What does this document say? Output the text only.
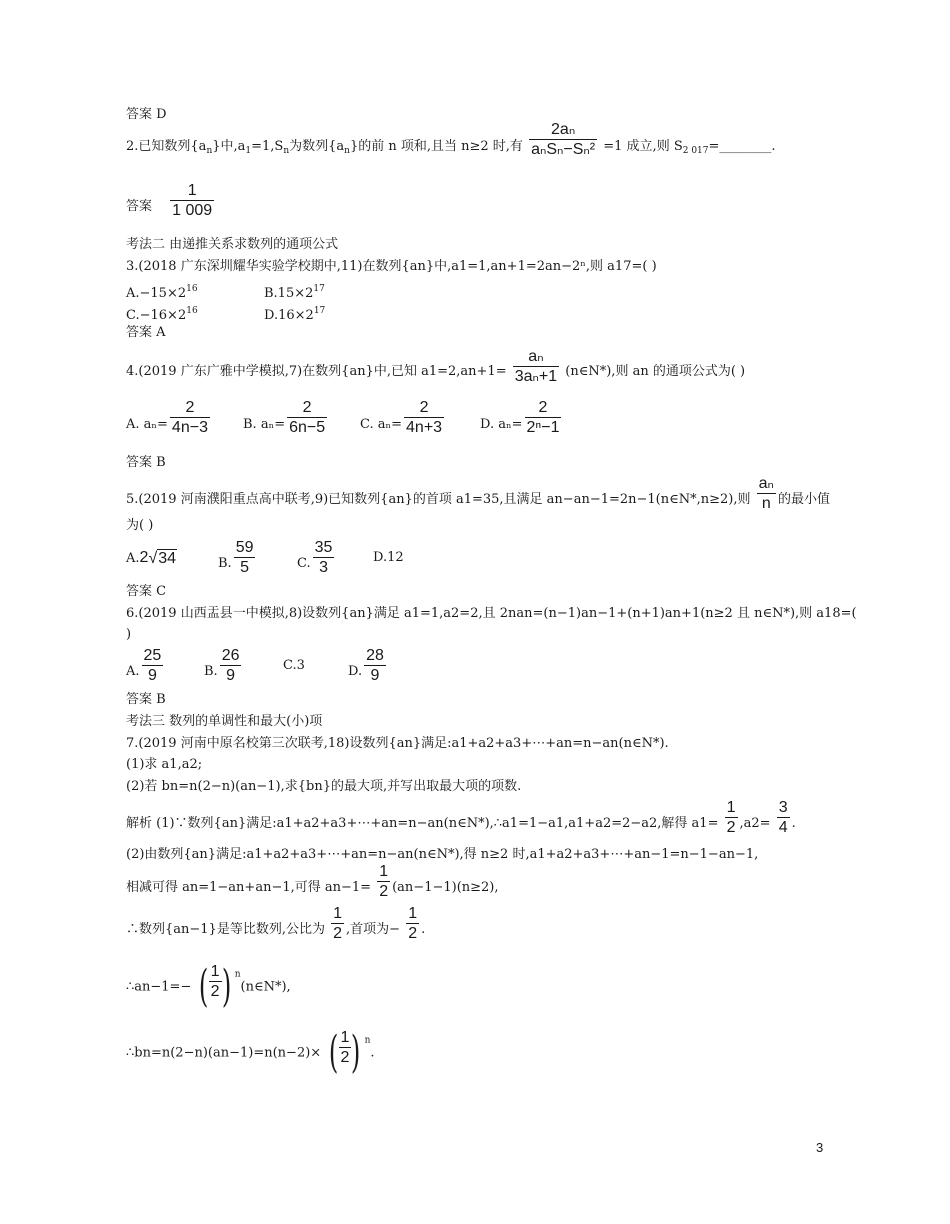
答案 D
2.已知数列$\{a_n\}$中$,a_1=1,S_n$为数列$\{a_n\}$的前 n 项和,且当 n≥2 时,有 $\frac{\text{2aₙ}}{\text{aₙSₙ−Sₙ²}} =1$ 成立,则 $S_{2 017}=\_\_\_\_\_\_\_\_$.
答案 $\frac{1}{1 009}$
考法二 由递推关系求数列的通项公式
3.(2018 广东深圳耀华实验学校期中,11)在数列{an}中,a1=1,an+1=2an−2ⁿ,则 a17=( )
$A.-15\times 2^{16}$	$B.15\times 2^{17}$
$C.-16\times 2^{16}$	$D.16\times 2^{17}$
答案 A
4.(2019 广东广雅中学模拟,7)在数列{an}中,已知 $a1=2,an+1= \frac{\text{aₙ}}{\text{3aₙ+1}}$ (n∈N*),则 an 的通项公式为( )
A. $a_n= \frac{2}{4n-3}$	B. $a_n= \frac{2}{6n-5}$	C. $a_n= \frac{2}{4n+3}$	D. $a_n= \frac{2}{\text{2ⁿ−1}}$
答案 B
5.(2019 河南濮阳重点高中联考,9)已知数列{an}的首项 a1=35,且满足 an−an−1=2n−1(n∈N*,n≥2),则 $\frac{\text{aₙ}}{n}$ 的最小值
为( )
A.2√34	B. $\frac{59}{5}$	C. $\frac{35}{3}$	D.12
答案 C
6.(2019 山西盂县一中模拟,8)设数列{an}满足 a1=1,a2=2,且 2nan=(n−1)an−1+(n+1)an+1(n≥2 且 n∈N*),则 a18=(
)
A. $\frac{25}{9}$	B. $\frac{26}{9}$	C.3	D. $\frac{28}{9}$
答案 B
考法三 数列的单调性和最大(小)项
7.(2019 河南中原名校第三次联考,18)设数列{an}满足:a1+a2+a3+⋯+an=n−an(n∈N*).
(1)求 a1,a2;
(2)若 bn=n(2−n)(an−1),求{bn}的最大项,并写出取最大项的项数.
解析 (1)∵数列{an}满足:a1+a2+a3+⋯+an=n−an(n∈N*),∴a1=1−a1,a1+a2=2−a2,解得 $a1= \frac{1}{2} ,a2= \frac{3}{4}$ .
(2)由数列{an}满足:a1+a2+a3+⋯+an=n−an(n∈N*),得 n≥2 时,a1+a2+a3+⋯+an−1=n−1−an−1,
相减可得 an=1−an+an−1,可得 $an-1= \frac{1}{2} (an-1-1)(n\ge 2)$,
∴数列{an−1}是等比数列,公比为 $\frac{1}{2}$ ,首项为− $\frac{1}{2}$ .
∴an−1=− ( $\frac{1}{2}$ ) $^n$(n∈N*),
∴bn=n(2−n)(an−1)=n(n−2)× ( $\frac{1}{2}$ ) $^n$.
3
